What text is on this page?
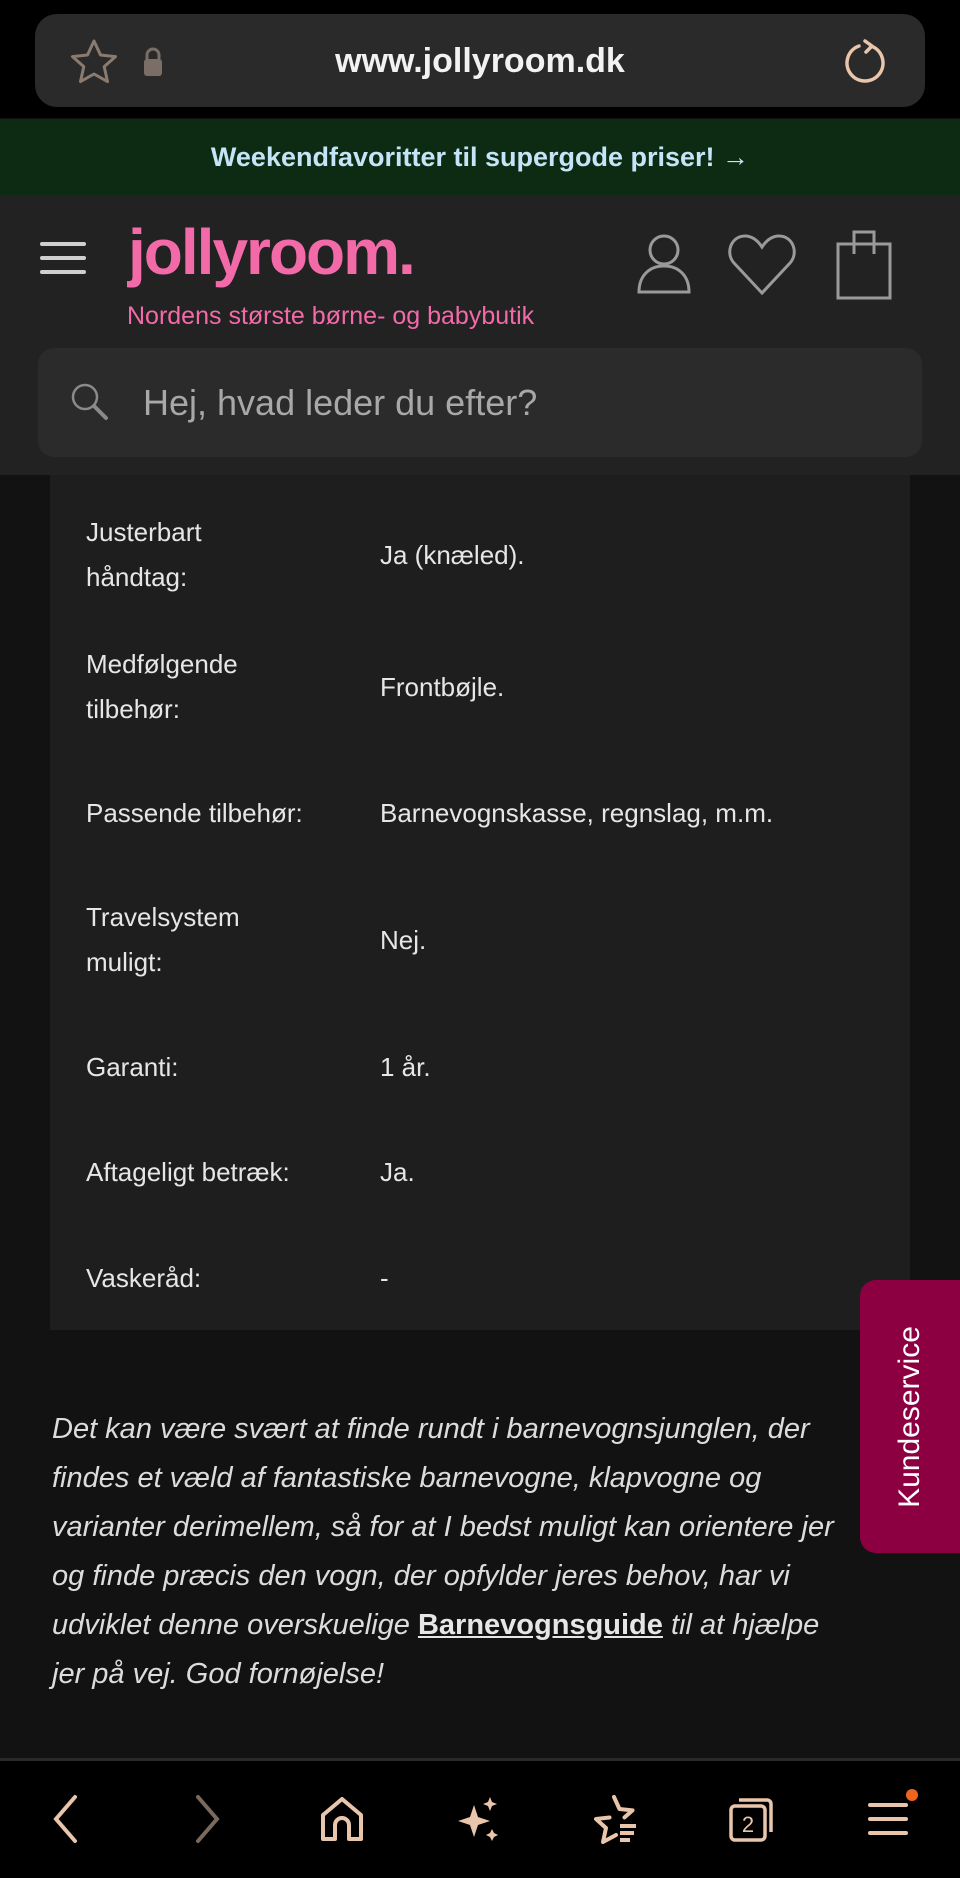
www.jollyroom.dk
Weekendfavoritter til supergode priser! →
jollyroom.
Nordens største børne- og babybutik
Hej, hvad leder du efter?
Justerbart håndtag:
Ja (knæled).
Medfølgende tilbehør:
Frontbøjle.
Passende tilbehør:	Barnevognskasse, regnslag, m.m.
Travelsystem muligt:
Nej.
Garanti:	1 år.
Aftageligt betræk:	Ja.
Vaskeråd:	-

Det kan være svært at finde rundt i barnevognsjunglen, der findes et væld af fantastiske barnevogne, klapvogne og varianter derimellem, så for at I bedst muligt kan orientere jer og finde præcis den vogn, der opfylder jeres behov, har vi udviklet denne overskuelige Barnevognsguide til at hjælpe jer på vej. God fornøjelse!

Kundeservice
2
